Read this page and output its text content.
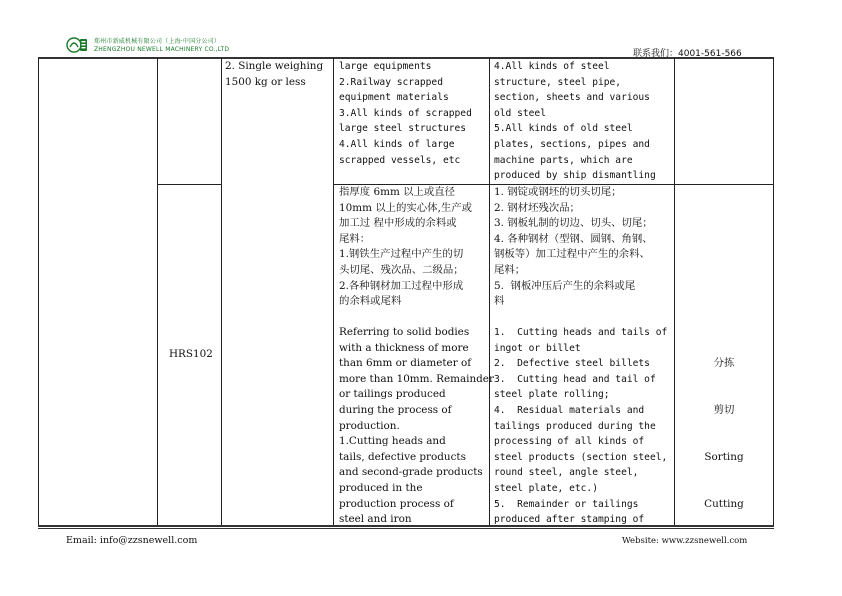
郑州市新威机械有限公司（上海·中国分公司）
ZHENGZHOU NEWELL MACHINERY CO.,LTD	联系我们：4001-561-566
2. Single weighing
1500 kg or less
large equipments
2.Railway scrapped
equipment materials
3.All kinds of scrapped
large steel structures
4.All kinds of large
scrapped vessels, etc
4.All kinds of steel
structure, steel pipe,
section, sheets and various
old steel
5.All kinds of old steel
plates, sections, pipes and
machine parts, which are
produced by ship dismantling
HRS102
指厚度 6mm 以上或直径
10mm 以上的实心体,生产或
加工过 程中形成的余料或
尾料：
1.钢铁生产过程中产生的切
头切尾、残次品、二级品；
2.各种钢材加工过程中形成
的余料或尾料
Referring to solid bodies
with a thickness of more
than 6mm or diameter of
more than 10mm. Remainder
or tailings produced
during the process of
production.
1.Cutting heads and
tails, defective products
and second-grade products
produced in the
production process of
steel and iron
1. 钢锭或钢坯的切头切尾；
2. 钢材坯残次品；
3. 钢板轧制的切边、切头、切尾；
4. 各种钢材（型钢、圆钢、角钢、
钢板等）加工过程中产生的余料、
尾料；
5.  钢板冲压后产生的余料或尾
料
1.  Cutting heads and tails of
ingot or billet
2.  Defective steel billets
3.  Cutting head and tail of
steel plate rolling;
4.  Residual materials and
tailings produced during the
processing of all kinds of
steel products (section steel,
round steel, angle steel,
steel plate, etc.)
5.  Remainder or tailings
produced after stamping of

分拣

剪切

Sorting

Cutting

Email: info@zzsnewell.com	Website: www.zzsnewell.com
